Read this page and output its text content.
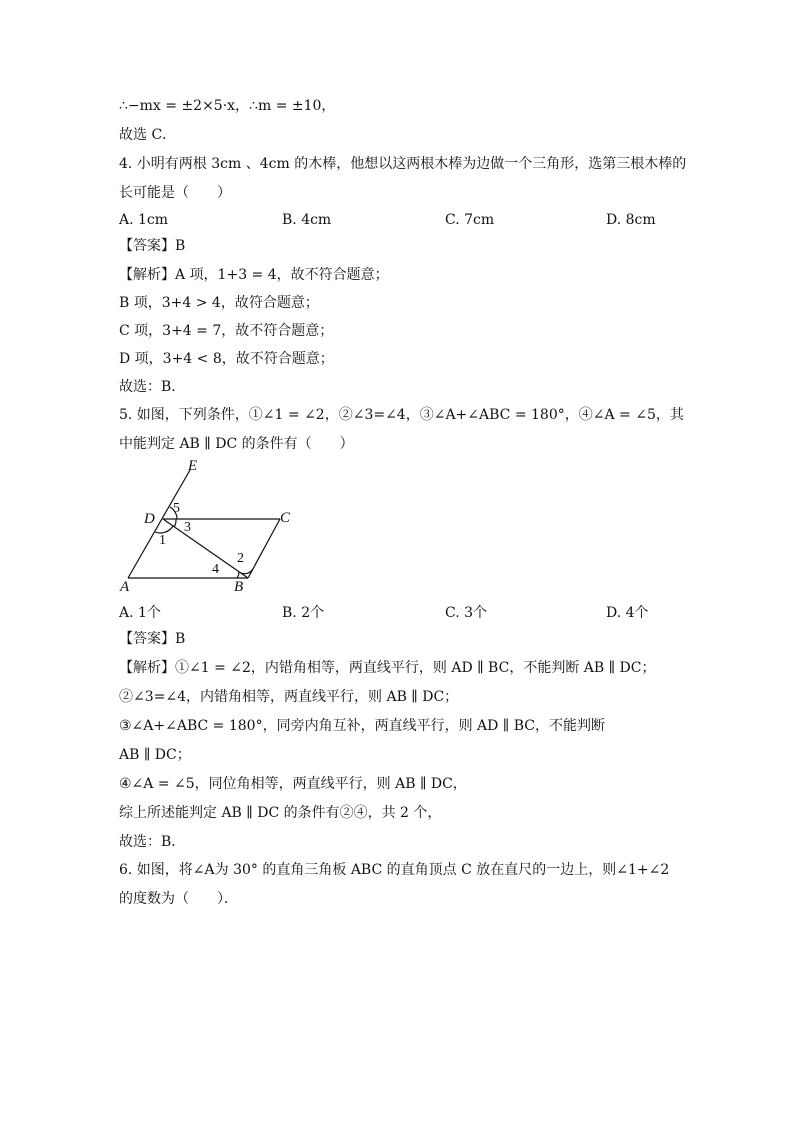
∴−mx = ±2×5·x，∴m = ±10，
故选 C．
4. 小明有两根 3cm 、4cm 的木棒，他想以这两根木棒为边做一个三角形，选第三根木棒的
长可能是（　　）
A. 1cm	B. 4cm	C. 7cm	D. 8cm
【答案】B
【解析】A 项，1+3 = 4，故不符合题意；
B 项，3+4 > 4，故符合题意；
C 项，3+4 = 7，故不符合题意；
D 项，3+4 < 8，故不符合题意；
故选：B．
5. 如图，下列条件，①∠1 = ∠2，②∠3=∠4，③∠A+∠ABC = 180°，④∠A = ∠5，其
中能判定 AB ∥ DC 的条件有（　　）
E
D	C
A	B
5
3
1
2
4
A. 1个	B. 2个	C. 3个	D. 4个
【答案】B
【解析】①∠1 = ∠2，内错角相等，两直线平行，则 AD ∥ BC，不能判断 AB ∥ DC；
②∠3=∠4，内错角相等，两直线平行，则 AB ∥ DC；
③∠A+∠ABC = 180°，同旁内角互补，两直线平行，则 AD ∥ BC，不能判断
AB ∥ DC；
④∠A = ∠5，同位角相等，两直线平行，则 AB ∥ DC，
综上所述能判定 AB ∥ DC 的条件有②④，共 2 个，
故选：B．
6. 如图，将∠A为 30° 的直角三角板 ABC 的直角顶点 C 放在直尺的一边上，则∠1+∠2
的度数为（　　）．
